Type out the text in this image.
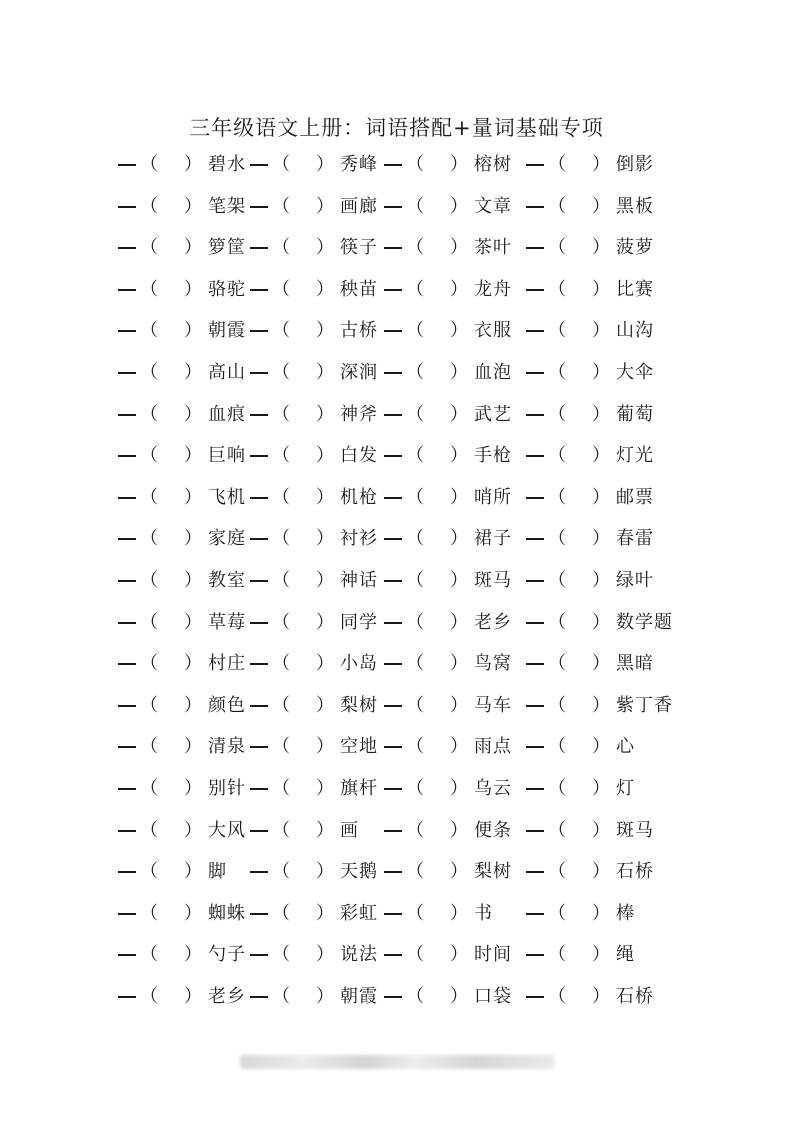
三年级语文上册：词语搭配+量词基础专项
（ ） 碧水	（ ） 秀峰	（ ） 榕树	（ ） 倒影
（ ） 笔架	（ ） 画廊	（ ） 文章	（ ） 黑板
（ ） 箩筐	（ ） 筷子	（ ） 茶叶	（ ） 菠萝
（ ） 骆驼	（ ） 秧苗	（ ） 龙舟	（ ） 比赛
（ ） 朝霞	（ ） 古桥	（ ） 衣服	（ ） 山沟
（ ） 高山	（ ） 深涧	（ ） 血泡	（ ） 大伞
（ ） 血痕	（ ） 神斧	（ ） 武艺	（ ） 葡萄
（ ） 巨响	（ ） 白发	（ ） 手枪	（ ） 灯光
（ ） 飞机	（ ） 机枪	（ ） 哨所	（ ） 邮票
（ ） 家庭	（ ） 衬衫	（ ） 裙子	（ ） 春雷
（ ） 教室	（ ） 神话	（ ） 斑马	（ ） 绿叶
（ ） 草莓	（ ） 同学	（ ） 老乡	（ ） 数学题
（ ） 村庄	（ ） 小岛	（ ） 鸟窝	（ ） 黑暗
（ ） 颜色	（ ） 梨树	（ ） 马车	（ ） 紫丁香
（ ） 清泉	（ ） 空地	（ ） 雨点	（ ） 心
（ ） 别针	（ ） 旗杆	（ ） 乌云	（ ） 灯
（ ） 大风	（ ） 画	（ ） 便条	（ ） 斑马
（ ） 脚	（ ） 天鹅	（ ） 梨树	（ ） 石桥
（ ） 蜘蛛	（ ） 彩虹	（ ） 书	（ ） 棒
（ ） 勺子	（ ） 说法	（ ） 时间	（ ） 绳
（ ） 老乡	（ ） 朝霞	（ ） 口袋	（ ） 石桥
